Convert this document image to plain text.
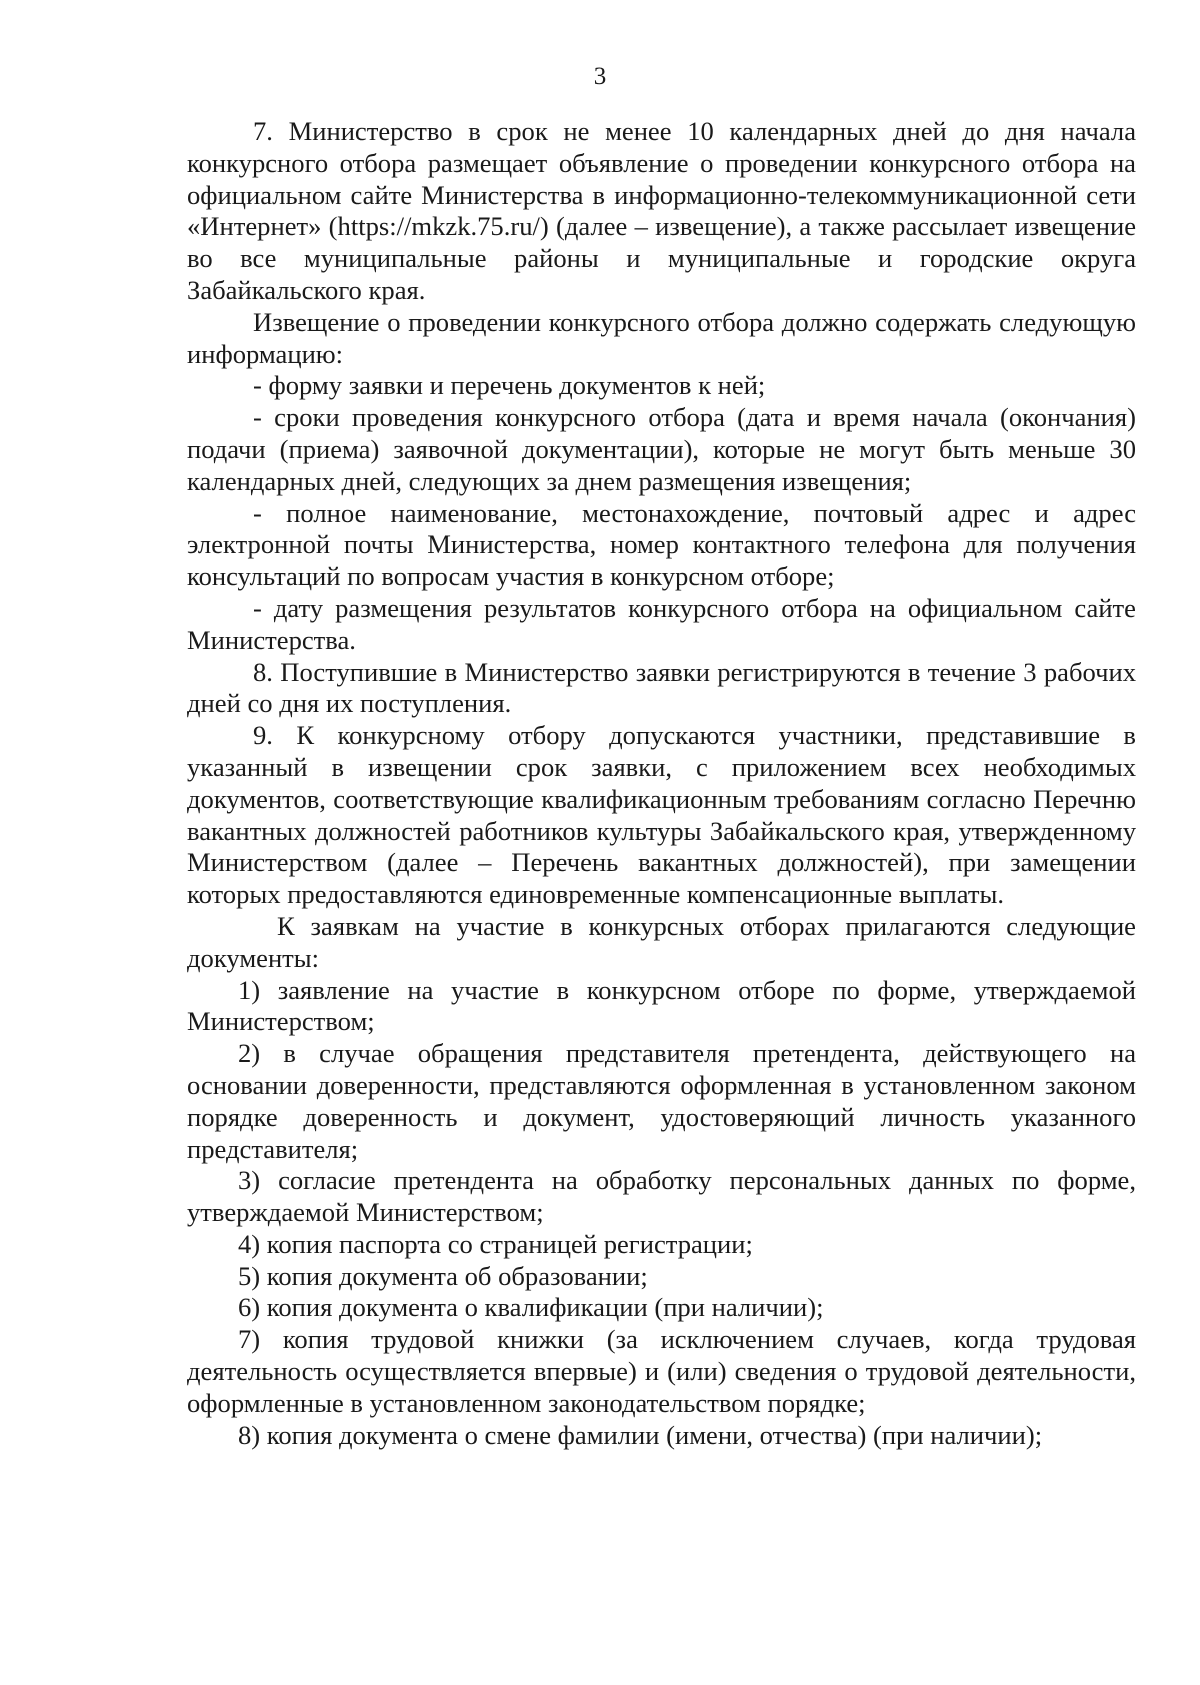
3

7. Министерство в срок не менее 10 календарных дней до дня начала конкурсного отбора размещает объявление о проведении конкурсного отбора на официальном сайте Министерства в информационно-телекоммуникационной сети «Интернет» (https://mkzk.75.ru/) (далее – извещение), а также рассылает извещение во все муниципальные районы и муниципальные и городские округа Забайкальского края.

Извещение о проведении конкурсного отбора должно содержать следующую информацию:

- форму заявки и перечень документов к ней;

- сроки проведения конкурсного отбора (дата и время начала (окончания) подачи (приема) заявочной документации), которые не могут быть меньше 30 календарных дней, следующих за днем размещения извещения;

- полное наименование, местонахождение, почтовый адрес и адрес электронной почты Министерства, номер контактного телефона для получения консультаций по вопросам участия в конкурсном отборе;

- дату размещения результатов конкурсного отбора на официальном сайте Министерства.

8. Поступившие в Министерство заявки регистрируются в течение 3 рабочих дней со дня их поступления.

9. К конкурсному отбору допускаются участники, представившие в указанный в извещении срок заявки, с приложением всех необходимых документов, соответствующие квалификационным требованиям согласно Перечню вакантных должностей работников культуры Забайкальского края, утвержденному Министерством (далее – Перечень вакантных должностей), при замещении которых предоставляются единовременные компенсационные выплаты.

К заявкам на участие в конкурсных отборах прилагаются следующие документы:

1) заявление на участие в конкурсном отборе по форме, утверждаемой Министерством;

2) в случае обращения представителя претендента, действующего на основании доверенности, представляются оформленная в установленном законом порядке доверенность и документ, удостоверяющий личность указанного представителя;

3) согласие претендента на обработку персональных данных по форме, утверждаемой Министерством;

4) копия паспорта со страницей регистрации;

5) копия документа об образовании;

6) копия документа о квалификации (при наличии);

7) копия трудовой книжки (за исключением случаев, когда трудовая деятельность осуществляется впервые) и (или) сведения о трудовой деятельности, оформленные в установленном законодательством порядке;

8) копия документа о смене фамилии (имени, отчества) (при наличии);
